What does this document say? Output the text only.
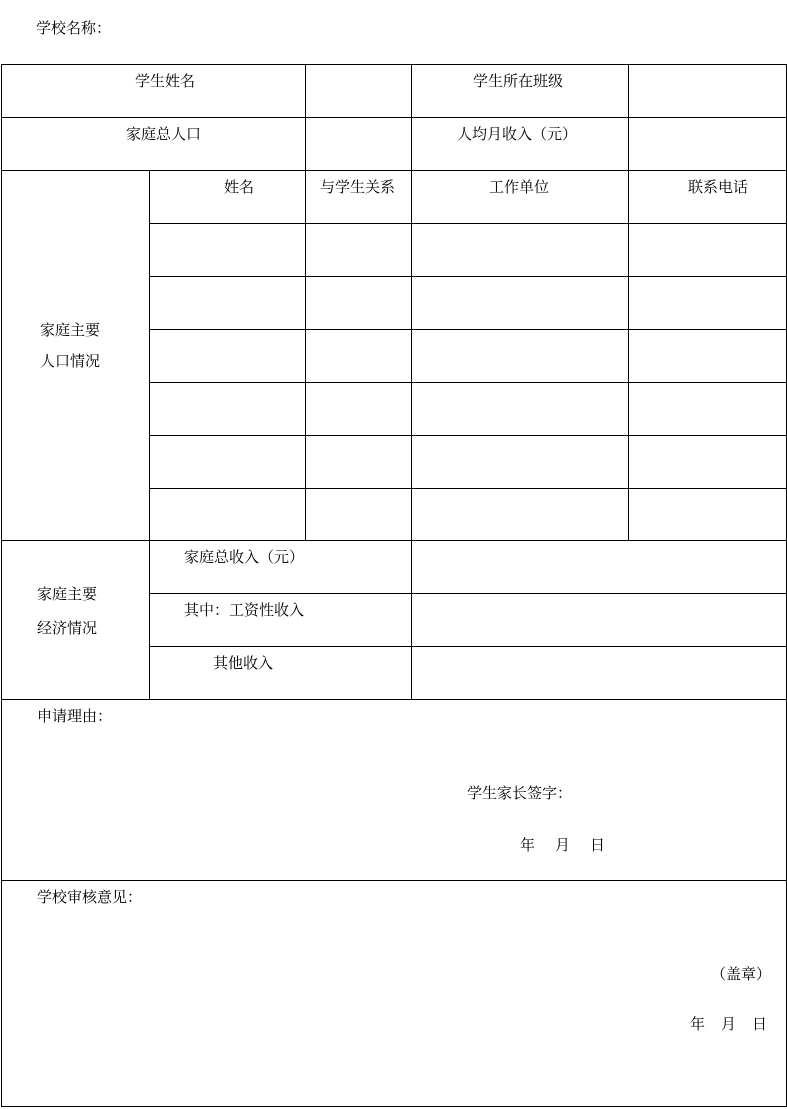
学校名称：
学生姓名	学生所在班级
家庭总人口	人均月收入（元）
家庭主要
人口情况
姓名	与学生关系	工作单位	联系电话
家庭主要
经济情况
家庭总收入（元）
其中：工资性收入
其他收入
申请理由：
学生家长签字：
年 月 日
学校审核意见：
（盖章）
年 月 日
